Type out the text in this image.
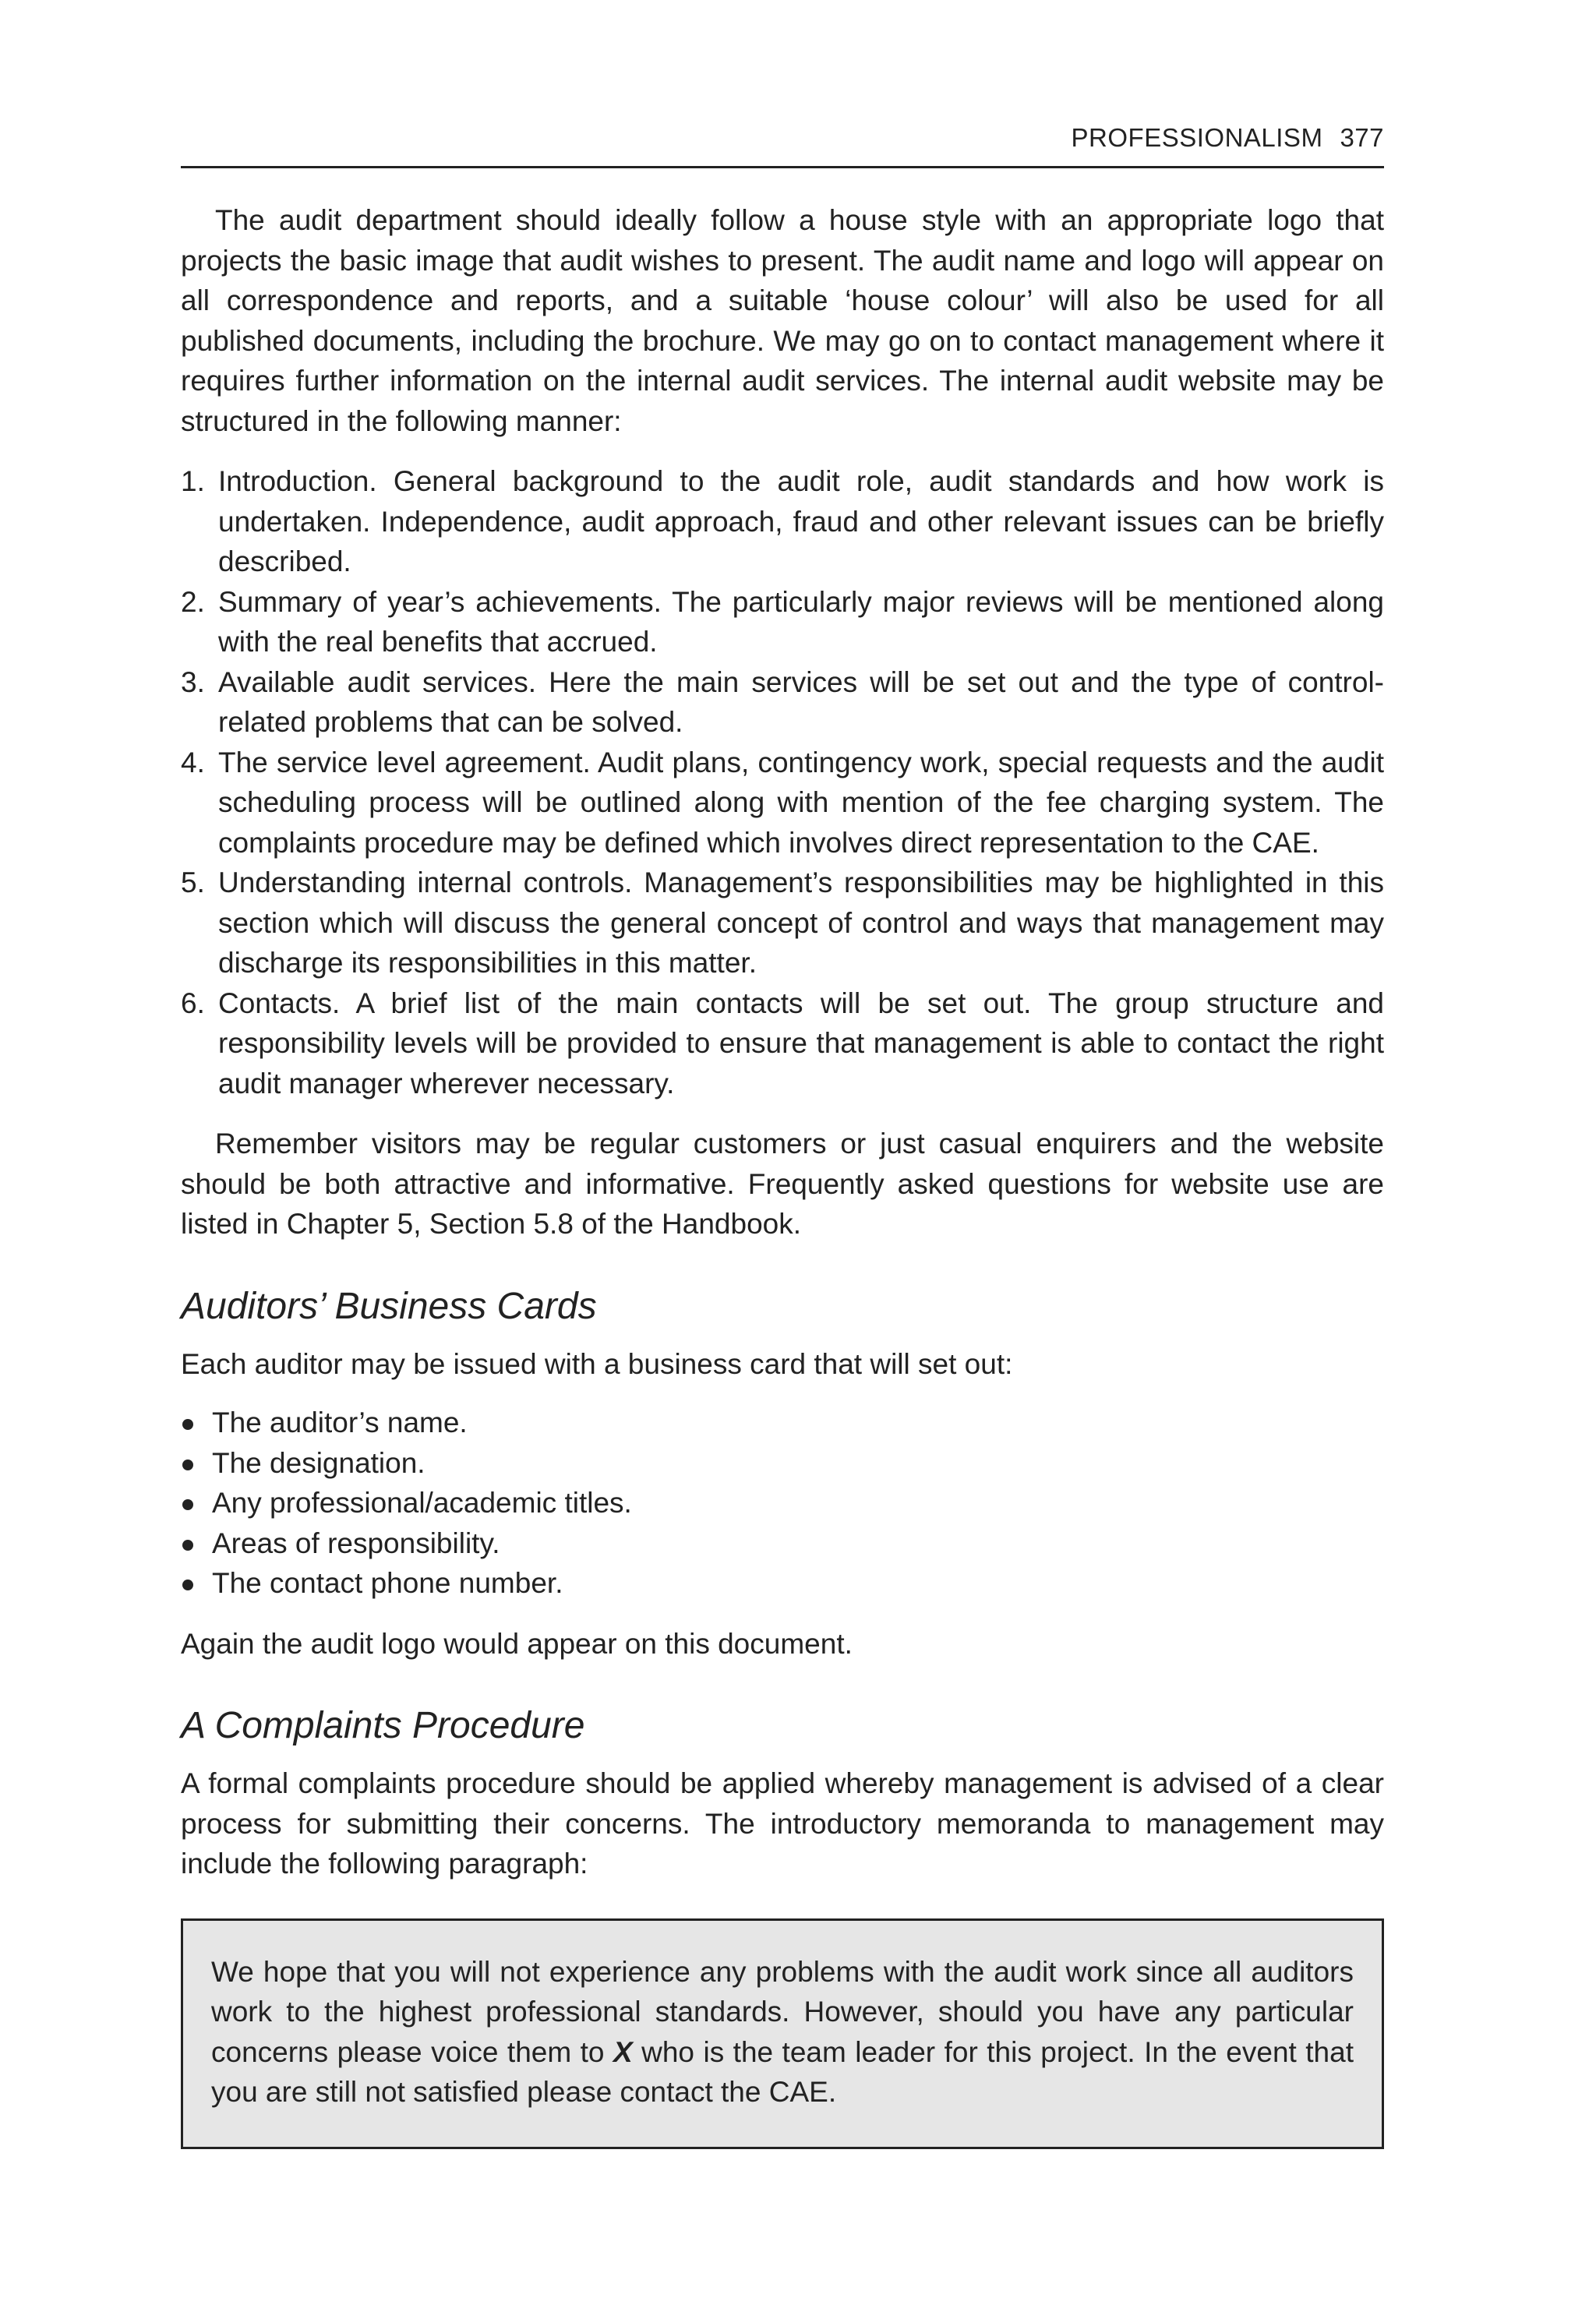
PROFESSIONALISM 377

The audit department should ideally follow a house style with an appropriate logo that projects the basic image that audit wishes to present. The audit name and logo will appear on all correspondence and reports, and a suitable ‘house colour’ will also be used for all published documents, including the brochure. We may go on to contact management where it requires further information on the internal audit services. The internal audit website may be structured in the following manner:

1. Introduction. General background to the audit role, audit standards and how work is undertaken. Independence, audit approach, fraud and other relevant issues can be briefly described.
2. Summary of year’s achievements. The particularly major reviews will be mentioned along with the real benefits that accrued.
3. Available audit services. Here the main services will be set out and the type of control-related problems that can be solved.
4. The service level agreement. Audit plans, contingency work, special requests and the audit scheduling process will be outlined along with mention of the fee charging system. The complaints procedure may be defined which involves direct representation to the CAE.
5. Understanding internal controls. Management’s responsibilities may be highlighted in this section which will discuss the general concept of control and ways that management may discharge its responsibilities in this matter.
6. Contacts. A brief list of the main contacts will be set out. The group structure and responsibility levels will be provided to ensure that management is able to contact the right audit manager wherever necessary.

Remember visitors may be regular customers or just casual enquirers and the website should be both attractive and informative. Frequently asked questions for website use are listed in Chapter 5, Section 5.8 of the Handbook.

Auditors’ Business Cards

Each auditor may be issued with a business card that will set out:

The auditor’s name.
The designation.
Any professional/academic titles.
Areas of responsibility.
The contact phone number.

Again the audit logo would appear on this document.

A Complaints Procedure

A formal complaints procedure should be applied whereby management is advised of a clear process for submitting their concerns. The introductory memoranda to management may include the following paragraph:

We hope that you will not experience any problems with the audit work since all auditors work to the highest professional standards. However, should you have any particular concerns please voice them to X who is the team leader for this project. In the event that you are still not satisfied please contact the CAE.
